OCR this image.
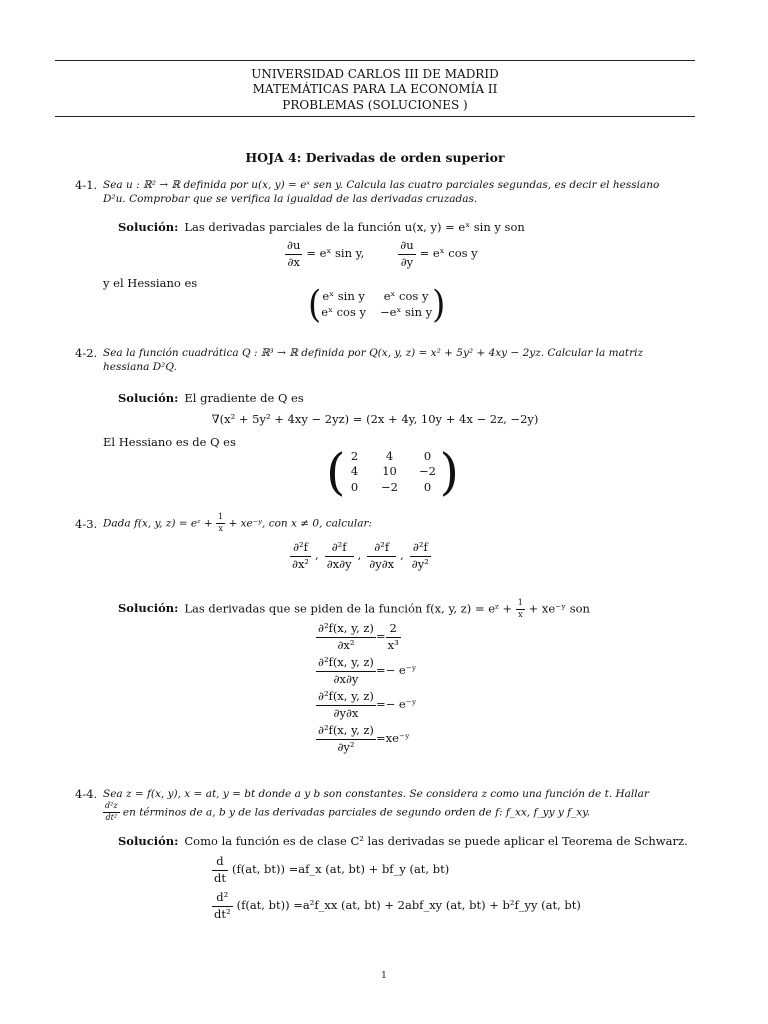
UNIVERSIDAD CARLOS III DE MADRID
MATEMÁTICAS PARA LA ECONOMÍA II
PROBLEMAS (SOLUCIONES )
HOJA 4: Derivadas de orden superior
4-1. Sea u : ℝ² → ℝ definida por u(x, y) = eˣ sen y. Calcula las cuatro parciales segundas, es decir el hessiano
D²u. Comprobar que se verifica la igualdad de las derivadas cruzadas.
Solución: Las derivadas parciales de la función u(x, y) = eˣ sin y son
$\frac{\partial u}{\partial x}$ = eˣ sin y,	$\frac{\partial u}{\partial y}$ = eˣ cos y
y el Hessiano es	( eˣ sin y	eˣ cos y
eˣ cos y −eˣ sin y )
4-2. Sea la función cuadrática Q : ℝ³ → ℝ definida por Q(x, y, z) = x² + 5y² + 4xy − 2yz. Calcular la matriz
hessiana D²Q.
Solución: El gradiente de Q es
∇(x² + 5y² + 4xy − 2yz) = (2x + 4y, 10y + 4x − 2z, −2y)
El Hessiano es de Q es
( 2	4	0
4	10	−2
0	−2	0 )
4-3. Dada f(x, y, z) = eᶻ + $\frac{1}{x}$ + xe⁻ʸ, con x ≠ 0, calcular:
$\frac{\text{∂²f}}{\text{∂x²}}$ , $\frac{\text{∂²f}}{\partial x\partial y}$ , $\frac{\text{∂²f}}{\partial y\partial x}$ , $\frac{\text{∂²f}}{\text{∂y²}}$
Solución: Las derivadas que se piden de la función f(x, y, z) = eᶻ + $\frac{1}{x}$ + xe⁻ʸ son
$\frac{\text{∂²f(x, y, z)}}{\text{∂x²}} = \frac{2}{\text{x³}}$
$\frac{\text{∂²f(x, y, z)}}{\partial x\partial y}$ = − e⁻ʸ
$\frac{\text{∂²f(x, y, z)}}{\partial y\partial x}$ = − e⁻ʸ
$\frac{\text{∂²f(x, y, z)}}{\text{∂y²}}$ = xe⁻ʸ
4-4. Sea z = f(x, y), x = at, y = bt donde a y b son constantes. Se considera z como una función de t. Hallar
$\frac{\text{d²z}}{\text{dt²}}$ en términos de a, b y de las derivadas parciales de segundo orden de f: f_xx, f_yy y f_xy.
Solución: Como la función es de clase C² las derivadas se puede aplicar el Teorema de Schwarz.
$\frac{d}{dt} (f(at$, bt)) =af_x (at, bt) + bf_y (at, bt)
$\frac{\text{d²}}{\text{dt²}} (f(at$, bt)) =a²f_xx (at, bt) + 2abf_xy (at, bt) + b²f_yy (at, bt)
1
